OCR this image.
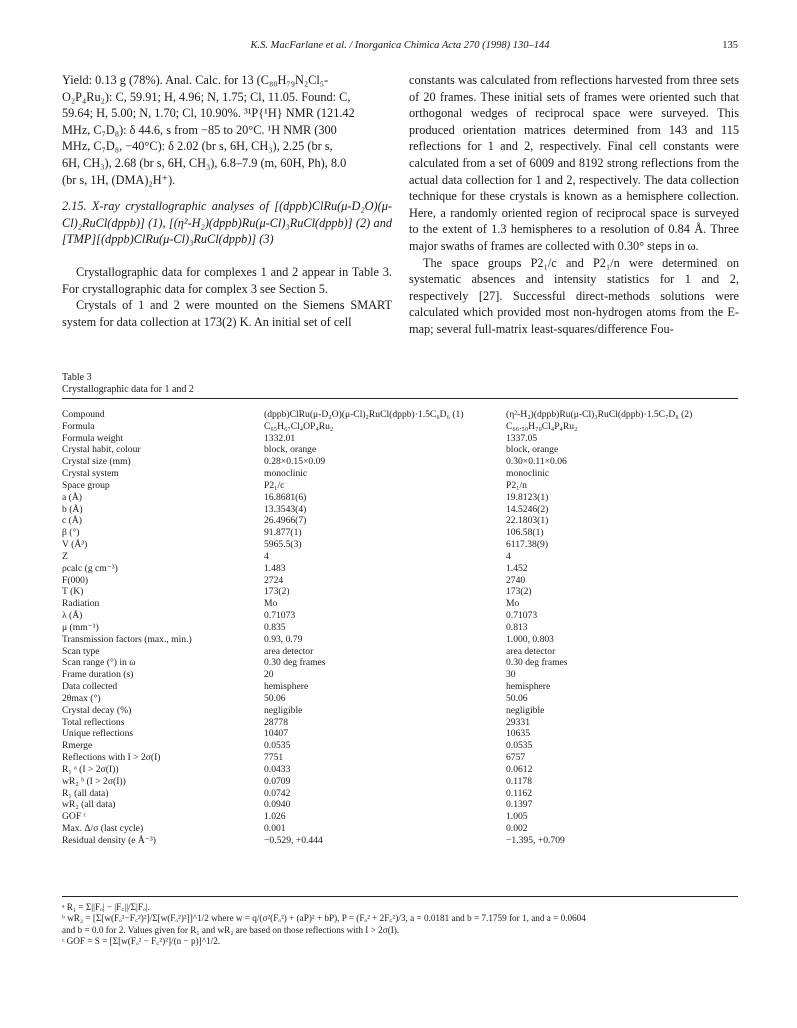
K.S. MacFarlane et al. / Inorganica Chimica Acta 270 (1998) 130–144	135

Yield: 0.13 g (78%). Anal. Calc. for 13 (C₈₀H₇₉N₂Cl₅-
O₂P₄Ru₂): C, 59.91; H, 4.96; N, 1.75; Cl, 11.05. Found: C,
59.64; H, 5.00; N, 1.70; Cl, 10.90%. ³¹P{¹H} NMR (121.42
MHz, C₇D₈): δ 44.6, s from −85 to 20°C. ¹H NMR (300
MHz, C₇D₈, −40°C): δ 2.02 (br s, 6H, CH₃), 2.25 (br s,
6H, CH₃), 2.68 (br s, 6H, CH₃), 6.8–7.9 (m, 60H, Ph), 8.0
(br s, 1H, (DMA)₂H⁺).

2.15. X-ray crystallographic analyses of [(dppb)ClRu(μ-D₂O)(μ-Cl)₂RuCl(dppb)] (1), [(η²-H₂)(dppb)Ru(μ-Cl)₃RuCl(dppb)] (2) and [TMP][(dppb)ClRu(μ-Cl)₃RuCl(dppb)] (3)

Crystallographic data for complexes 1 and 2 appear in Table 3. For crystallographic data for complex 3 see Section 5.

Crystals of 1 and 2 were mounted on the Siemens SMART system for data collection at 173(2) K. An initial set of cell

constants was calculated from reflections harvested from three sets of 20 frames. These initial sets of frames were oriented such that orthogonal wedges of reciprocal space were surveyed. This produced orientation matrices determined from 143 and 115 reflections for 1 and 2, respectively. Final cell constants were calculated from a set of 6009 and 8192 strong reflections from the actual data collection for 1 and 2, respectively. The data collection technique for these crystals is known as a hemisphere collection. Here, a randomly oriented region of reciprocal space is surveyed to the extent of 1.3 hemispheres to a resolution of 0.84 Å. Three major swaths of frames are collected with 0.30° steps in ω.

The space groups P2₁/c and P2₁/n were determined on systematic absences and intensity statistics for 1 and 2, respectively [27]. Successful direct-methods solutions were calculated which provided most non-hydrogen atoms from the E-map; several full-matrix least-squares/difference Fou-

Table 3
Crystallographic data for 1 and 2
Compound	(dppb)ClRu(μ-D₂O)(μ-Cl)₂RuCl(dppb)·1.5C₆D₆ (1)	(η²-H₂)(dppb)Ru(μ-Cl)₃RuCl(dppb)·1.5C₇D₈ (2)
Formula	C₆₅H₆₇Cl₄OP₄Ru₂	C₆₆.₅₀H₇₀Cl₄P₄Ru₂
Formula weight	1332.01	1337.05
Crystal habit, colour	block, orange	block, orange
Crystal size (mm)	0.28×0.15×0.09	0.30×0.11×0.06
Crystal system	monoclinic	monoclinic
Space group	P2₁/c	P2₁/n
a (Å)	16.8681(6)	19.8123(1)
b (Å)	13.3543(4)	14.5246(2)
c (Å)	26.4966(7)	22.1803(1)
β (°)	91.877(1)	106.58(1)
V (Å³)	5965.5(3)	6117.38(9)
Z	4	4
ρcalc (g cm⁻³)	1.483	1.452
F(000)	2724	2740
T (K)	173(2)	173(2)
Radiation	Mo	Mo
λ (Å)	0.71073	0.71073
μ (mm⁻¹)	0.835	0.813
Transmission factors (max., min.)	0.93, 0.79	1.000, 0.803
Scan type	area detector	area detector
Scan range (°) in ω	0.30 deg frames	0.30 deg frames
Frame duration (s)	20	30
Data collected	hemisphere	hemisphere
2θmax (°)	50.06	50.06
Crystal decay (%)	negligible	negligible
Total reflections	28778	29331
Unique reflections	10407	10635
Rmerge	0.0535	0.0535
Reflections with I > 2σ(I)	7751	6757
R₁ ᵃ (I > 2σ(I))	0.0433	0.0612
wR₂ ᵇ (I > 2σ(I))	0.0709	0.1178
R₁ (all data)	0.0742	0.1162
wR₂ (all data)	0.0940	0.1397
GOF ᶜ	1.026	1.005
Max. Δ/σ (last cycle)	0.001	0.002
Residual density (e Å⁻³)	−0.529, +0.444	−1.395, +0.709

ᵃ R₁ = Σ||Fₒ| − |F꜀||/Σ|Fₒ|.

ᵇ wR₂ = [Σ[w(Fₒ²−F꜀²)²]/Σ[w(Fₒ²)²]]^1/2 where w = q/(σ²(Fₒ²) + (aP)² + bP), P = (Fₒ² + 2F꜀²)/3, a = 0.0181 and b = 7.1759 for 1, and a = 0.0604

and b = 0.0 for 2. Values given for R₁ and wR₂ are based on those reflections with I > 2σ(I).

ᶜ GOF = S = [Σ[w(Fₒ² − F꜀²)²]/(n − p)]^1/2.
